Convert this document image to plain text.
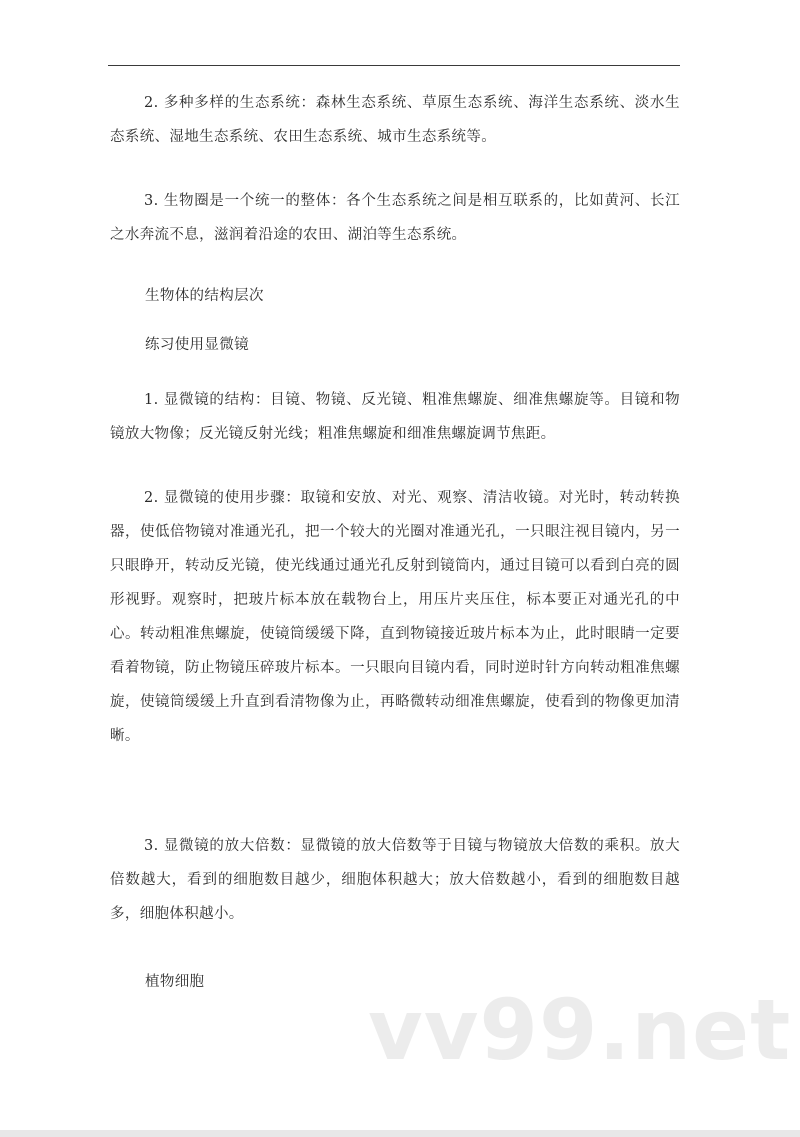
2. 多种多样的生态系统：森林生态系统、草原生态系统、海洋生态系统、淡水生态系统、湿地生态系统、农田生态系统、城市生态系统等。

3. 生物圈是一个统一的整体：各个生态系统之间是相互联系的，比如黄河、长江之水奔流不息，滋润着沿途的农田、湖泊等生态系统。

生物体的结构层次

练习使用显微镜

1. 显微镜的结构：目镜、物镜、反光镜、粗准焦螺旋、细准焦螺旋等。目镜和物镜放大物像；反光镜反射光线；粗准焦螺旋和细准焦螺旋调节焦距。

2. 显微镜的使用步骤：取镜和安放、对光、观察、清洁收镜。对光时，转动转换器，使低倍物镜对准通光孔，把一个较大的光圈对准通光孔，一只眼注视目镜内，另一只眼睁开，转动反光镜，使光线通过通光孔反射到镜筒内，通过目镜可以看到白亮的圆形视野。观察时，把玻片标本放在载物台上，用压片夹压住，标本要正对通光孔的中心。转动粗准焦螺旋，使镜筒缓缓下降，直到物镜接近玻片标本为止，此时眼睛一定要看着物镜，防止物镜压碎玻片标本。一只眼向目镜内看，同时逆时针方向转动粗准焦螺旋，使镜筒缓缓上升直到看清物像为止，再略微转动细准焦螺旋，使看到的物像更加清晰。

3. 显微镜的放大倍数：显微镜的放大倍数等于目镜与物镜放大倍数的乘积。放大倍数越大，看到的细胞数目越少，细胞体积越大；放大倍数越小，看到的细胞数目越多，细胞体积越小。

植物细胞	vv99.net
